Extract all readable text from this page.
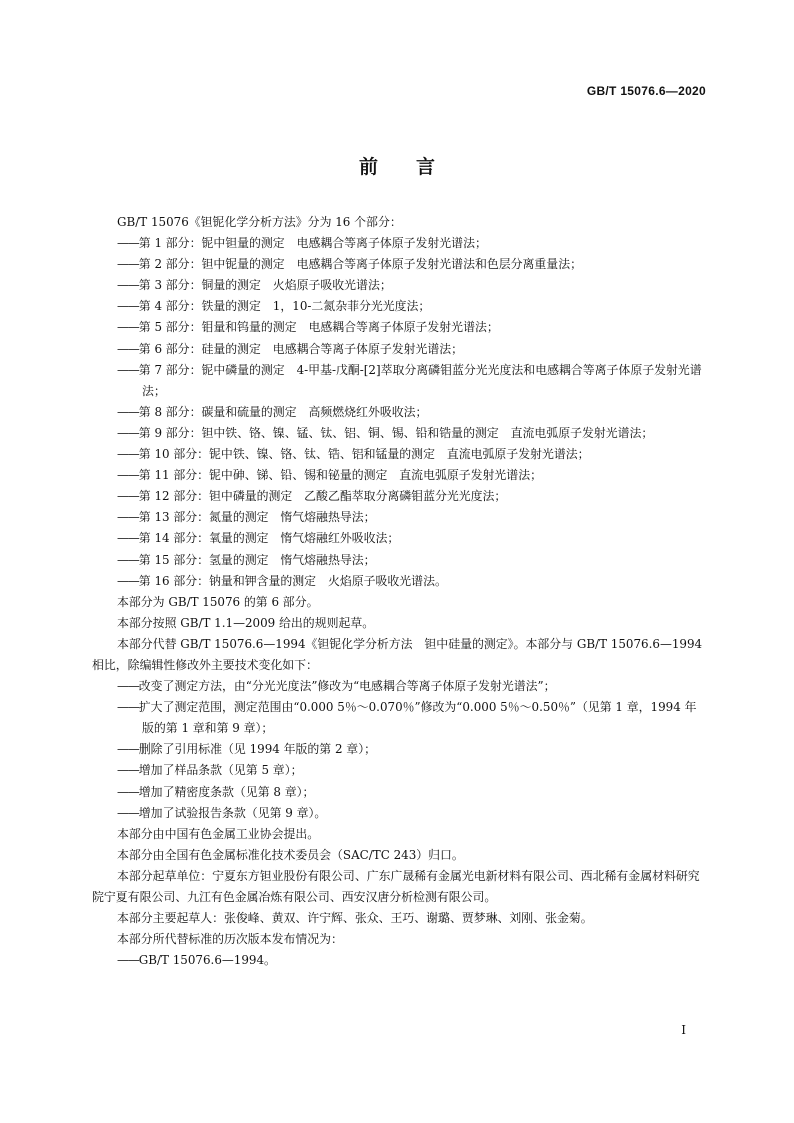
GB/T 15076.6—2020
前言

GB/T 15076《钽铌化学分析方法》分为 16 个部分：

——第 1 部分：铌中钽量的测定　电感耦合等离子体原子发射光谱法；

——第 2 部分：钽中铌量的测定　电感耦合等离子体原子发射光谱法和色层分离重量法；

——第 3 部分：铜量的测定　火焰原子吸收光谱法；

——第 4 部分：铁量的测定　1，10-二氮杂菲分光光度法；

——第 5 部分：钼量和钨量的测定　电感耦合等离子体原子发射光谱法；

——第 6 部分：硅量的测定　电感耦合等离子体原子发射光谱法；

——第 7 部分：铌中磷量的测定　4-甲基-戊酮-[2]萃取分离磷钼蓝分光光度法和电感耦合等离子体原子发射光谱法；

——第 8 部分：碳量和硫量的测定　高频燃烧红外吸收法；

——第 9 部分：钽中铁、铬、镍、锰、钛、铝、铜、锡、铅和锆量的测定　直流电弧原子发射光谱法；

——第 10 部分：铌中铁、镍、铬、钛、锆、铝和锰量的测定　直流电弧原子发射光谱法；

——第 11 部分：铌中砷、锑、铅、锡和铋量的测定　直流电弧原子发射光谱法；

——第 12 部分：钽中磷量的测定　乙酸乙酯萃取分离磷钼蓝分光光度法；

——第 13 部分：氮量的测定　惰气熔融热导法；

——第 14 部分：氧量的测定　惰气熔融红外吸收法；

——第 15 部分：氢量的测定　惰气熔融热导法；

——第 16 部分：钠量和钾含量的测定　火焰原子吸收光谱法。

本部分为 GB/T 15076 的第 6 部分。

本部分按照 GB/T 1.1—2009 给出的规则起草。

本部分代替 GB/T 15076.6—1994《钽铌化学分析方法　钽中硅量的测定》。本部分与 GB/T 15076.6—1994 相比，除编辑性修改外主要技术变化如下：

——改变了测定方法，由“分光光度法”修改为“电感耦合等离子体原子发射光谱法”；

——扩大了测定范围，测定范围由“0.000 5％～0.070％”修改为“0.000 5％～0.50％”（见第 1 章，1994 年版的第 1 章和第 9 章）；

——删除了引用标准（见 1994 年版的第 2 章）；

——增加了样品条款（见第 5 章）；

——增加了精密度条款（见第 8 章）；

——增加了试验报告条款（见第 9 章）。

本部分由中国有色金属工业协会提出。

本部分由全国有色金属标准化技术委员会（SAC/TC 243）归口。

本部分起草单位：宁夏东方钽业股份有限公司、广东广晟稀有金属光电新材料有限公司、西北稀有金属材料研究院宁夏有限公司、九江有色金属冶炼有限公司、西安汉唐分析检测有限公司。

本部分主要起草人：张俊峰、黄双、许宁辉、张众、王巧、谢璐、贾梦琳、刘刚、张金菊。

本部分所代替标准的历次版本发布情况为：

——GB/T 15076.6—1994。

I
